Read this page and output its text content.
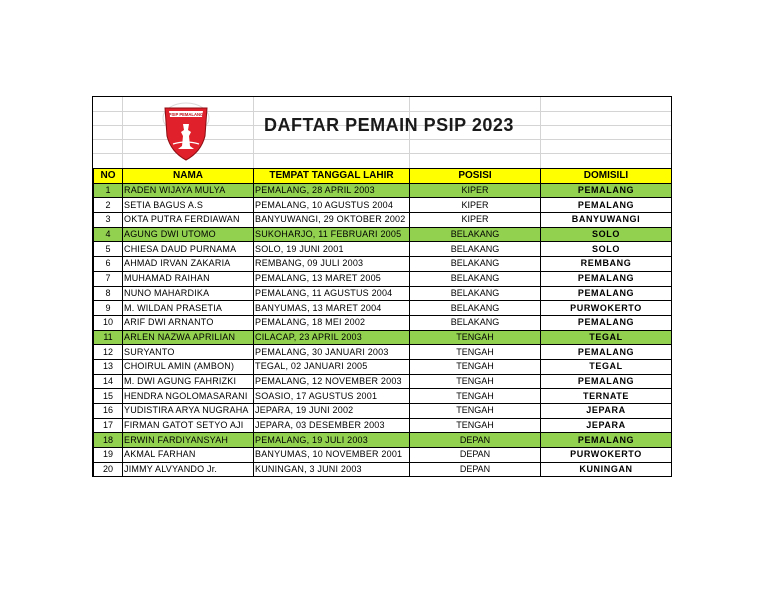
PSIP PEMALANG
DAFTAR PEMAIN PSIP 2023
NO	NAMA	TEMPAT TANGGAL LAHIR	POSISI	DOMISILI
1	RADEN WIJAYA MULYA	PEMALANG, 28 APRIL 2003	KIPER	PEMALANG
2	SETIA BAGUS A.S	PEMALANG, 10 AGUSTUS 2004	KIPER	PEMALANG
3	OKTA PUTRA FERDIAWAN	BANYUWANGI, 29 OKTOBER 2002	KIPER	BANYUWANGI
4	AGUNG DWI UTOMO	SUKOHARJO, 11 FEBRUARI 2005	BELAKANG	SOLO
5	CHIESA DAUD PURNAMA	SOLO, 19 JUNI 2001	BELAKANG	SOLO
6	AHMAD IRVAN ZAKARIA	REMBANG, 09 JULI 2003	BELAKANG	REMBANG
7	MUHAMAD RAIHAN	PEMALANG, 13 MARET 2005	BELAKANG	PEMALANG
8	NUNO MAHARDIKA	PEMALANG, 11 AGUSTUS 2004	BELAKANG	PEMALANG
9	M. WILDAN PRASETIA	BANYUMAS, 13 MARET 2004	BELAKANG	PURWOKERTO
10	ARIF DWI ARNANTO	PEMALANG, 18 MEI 2002	BELAKANG	PEMALANG
11	ARLEN NAZWA APRILIAN	CILACAP, 23 APRIL 2003	TENGAH	TEGAL
12	SURYANTO	PEMALANG, 30 JANUARI 2003	TENGAH	PEMALANG
13	CHOIRUL AMIN (AMBON)	TEGAL, 02 JANUARI 2005	TENGAH	TEGAL
14	M. DWI AGUNG FAHRIZKI	PEMALANG, 12 NOVEMBER 2003	TENGAH	PEMALANG
15	HENDRA NGOLOMASARANI	SOASIO, 17 AGUSTUS 2001	TENGAH	TERNATE
16	YUDISTIRA ARYA NUGRAHA	JEPARA, 19 JUNI 2002	TENGAH	JEPARA
17	FIRMAN GATOT SETYO AJI	JEPARA, 03 DESEMBER 2003	TENGAH	JEPARA
18	ERWIN FARDIYANSYAH	PEMALANG, 19 JULI 2003	DEPAN	PEMALANG
19	AKMAL FARHAN	BANYUMAS, 10 NOVEMBER 2001	DEPAN	PURWOKERTO
20	JIMMY ALVYANDO Jr.	KUNINGAN, 3 JUNI 2003	DEPAN	KUNINGAN
